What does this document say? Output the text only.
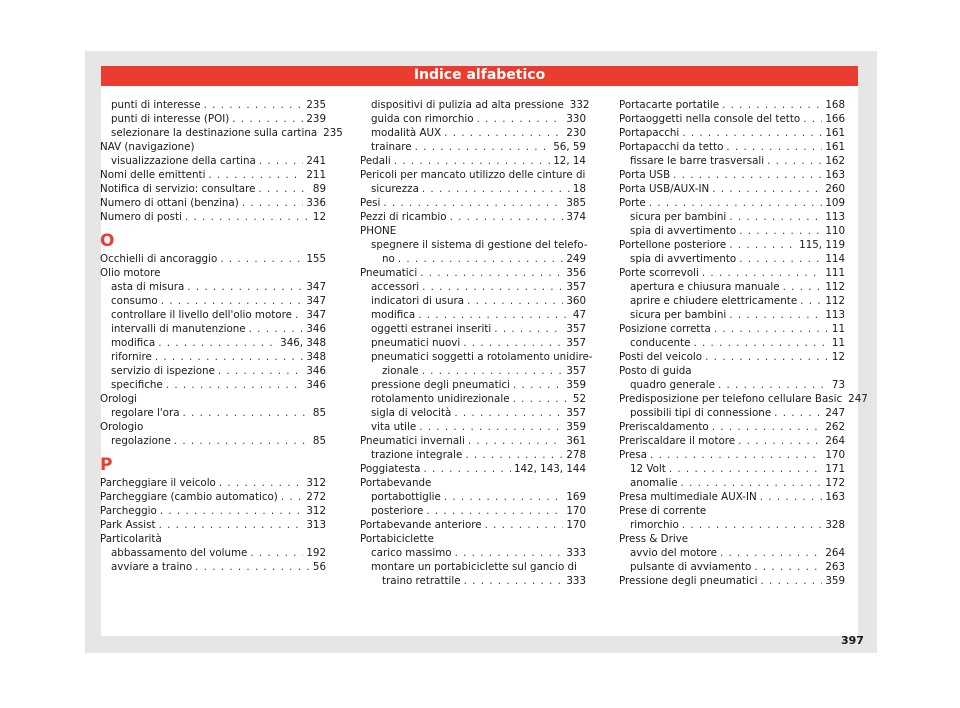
Indice alfabetico
punti di interesse . . .	235
punti di interesse (POI) . . .	239
selezionare la destinazione sulla cartina 235
NAV (navigazione)
visualizzazione della cartina . . .	241
Nomi delle emittenti . . .	211
Notifica di servizio: consultare . . .	89
Numero di ottani (benzina) . . .	336
Numero di posti . . .	12
O
Occhielli di ancoraggio . . .	155
Olio motore
asta di misura . . .	347
consumo . . .	347
controllare il livello dell'olio motore . . . 347
intervalli di manutenzione . . .	346
modifica . . .	346, 348
rifornire . . .	348
servizio di ispezione . . .	346
specifiche . . .	346
Orologi
regolare l'ora . . .	85
Orologio
regolazione . . .	85
P
Parcheggiare il veicolo . . .	312
Parcheggiare (cambio automatico) . . .	272
Parcheggio . . .	312
Park Assist . . .	313
Particolarità
abbassamento del volume . . .	192
avviare a traino . . .	56
dispositivi di pulizia ad alta pressione 332
guida con rimorchio . . .	330
modalità AUX . . .	230
trainare . . .	56, 59
Pedali . . .	12, 14
Pericoli per mancato utilizzo delle cinture di
sicurezza . . .	18
Pesi . . .	385
Pezzi di ricambio . . .	374
PHONE
spegnere il sistema di gestione del telefo-
no . . .	249
Pneumatici . . .	356
accessori . . .	357
indicatori di usura . . .	360
modifica . . .	47
oggetti estranei inseriti . . .	357
pneumatici nuovi . . .	357
pneumatici soggetti a rotolamento unidire-
zionale . . .	357
pressione degli pneumatici . . .	359
rotolamento unidirezionale . . .	52
sigla di velocità . . .	357
vita utile . . .	359
Pneumatici invernali . . .	361
trazione integrale . . .	278
Poggiatesta . . .	142, 143, 144
Portabevande
portabottiglie . . .	169
posteriore . . .	170
Portabevande anteriore . . .	170
Portabiciclette
carico massimo . . .	333
montare un portabiciclette sul gancio di
traino retrattile . . .	333
Portacarte portatile . . .	168
Portaoggetti nella console del tetto . . . 166
Portapacchi . . .	161
Portapacchi da tetto . . .	161
fissare le barre trasversali . . .	162
Porta USB . . .	163
Porta USB/AUX-IN . . .	260
Porte . . .	109
sicura per bambini . . .	113
spia di avvertimento . . .	110
Portellone posteriore . . .	115, 119
spia di avvertimento . . .	114
Porte scorrevoli . . .	111
apertura e chiusura manuale . . .	112
aprire e chiudere elettricamente . . .	112
sicura per bambini . . .	113
Posizione corretta . . .	11
conducente . . .	11
Posti del veicolo . . .	12
Posto di guida
quadro generale . . .	73
Predisposizione per telefono cellulare Basic 247
possibili tipi di connessione . . .	247
Preriscaldamento . . .	262
Preriscaldare il motore . . .	264
Presa . . .	170
12 Volt . . .	171
anomalie . . .	172
Presa multimediale AUX-IN . . .	163
Prese di corrente
rimorchio . . .	328
Press & Drive
avvio del motore . . .	264
pulsante di avviamento . . .	263
Pressione degli pneumatici . . .	359
397
